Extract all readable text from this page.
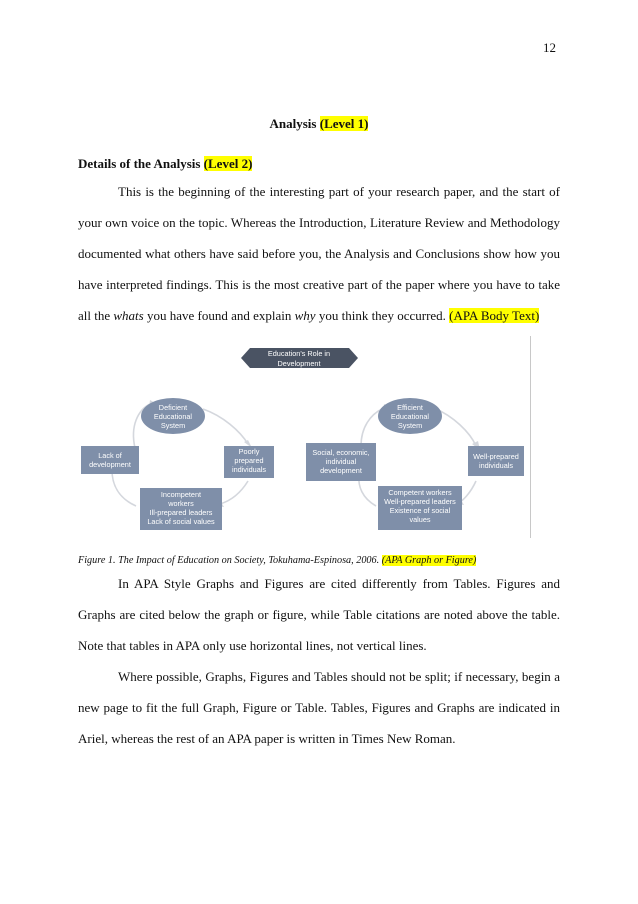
12
Analysis (Level 1)
Details of the Analysis (Level 2)

This is the beginning of the interesting part of your research paper, and the start of your own voice on the topic. Whereas the Introduction, Literature Review and Methodology documented what others have said before you, the Analysis and Conclusions show how you have interpreted findings. This is the most creative part of the paper where you have to take all the whats you have found and explain why you think they occurred. (APA Body Text)

Education's Role in
Development
Deficient
Educational
System
Lack of
development
Poorly
prepared
individuals
Incompetent
workers
Ill-prepared leaders
Lack of social values
Efficient
Educational
System
Social, economic,
individual
development
Well-prepared
individuals
Competent workers
Well-prepared leaders
Existence of social
values
Figure 1. The Impact of Education on Society, Tokuhama-Espinosa, 2006. (APA Graph or Figure)

In APA Style Graphs and Figures are cited differently from Tables. Figures and Graphs are cited below the graph or figure, while Table citations are noted above the table. Note that tables in APA only use horizontal lines, not vertical lines.

Where possible, Graphs, Figures and Tables should not be split; if necessary, begin a new page to fit the full Graph, Figure or Table. Tables, Figures and Graphs are indicated in Ariel, whereas the rest of an APA paper is written in Times New Roman.
